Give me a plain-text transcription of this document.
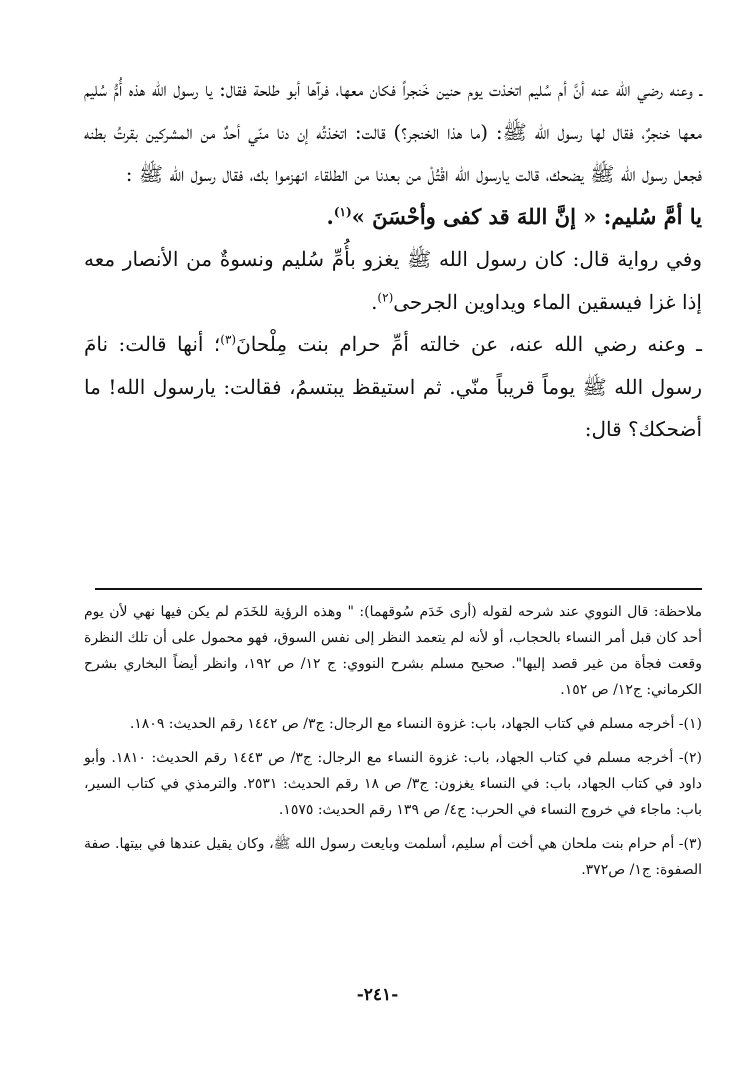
ـ وعنه رضي الله عنه أنَّ أم سُليم اتخذت يوم حنين خَنجراً فكان معها، فرآها أبو طلحة فقال: يا رسول الله هذه أُمُّ سُليم معها خنجرٌ، فقال لها رسول الله ﷺ: (ما هذا الخنجر؟) قالت: اتخذتُه إن دنا منّي أحدٌ من المشركين بقرتُ بطنه فجعل رسول الله ﷺ يضحك، قالت يارسول الله اقْتُلْ من بعدنا من الطلقاء انهزموا بك، فقال رسول الله ﷺ :

يا أمَّ سُليم: « إنَّ اللهَ قد كفى وأحْسَنَ »$^{(١)}$.

وفي رواية قال: كان رسول الله ﷺ يغزو بأُمِّ سُليم ونسوةٌ من الأنصار معه إذا غزا فيسقين الماء ويداوين الجرحى$^{(٢)}$.

ـ وعنه رضي الله عنه، عن خالته أمِّ حرام بنت مِلْحانَ$^{(٣)}$؛ أنها قالت: نامَ رسول الله ﷺ يوماً قريباً منّي. ثم استيقظ يبتسمُ، فقالت: يارسول الله! ما أضحكك؟ قال:

ملاحظة: قال النووي عند شرحه لقوله (أرى خَدَم سُوقهما): " وهذه الرؤية للخَدَم لم يكن فيها نهي لأن يوم أحد كان قبل أمر النساء بالحجاب، أو لأنه لم يتعمد النظر إلى نفس السوق، فهو محمول على أن تلك النظرة وقعت فجأة من غير قصد إليها". صحيح مسلم بشرح النووي: ج ١٢/ ص ١٩٢، وانظر أيضاً البخاري بشرح الكرماني: ج١٢/ ص ١٥٢.

(١)- أخرجه مسلم في كتاب الجهاد، باب: غزوة النساء مع الرجال: ج٣/ ص ١٤٤٢ رقم الحديث: ١٨٠٩.

(٢)- أخرجه مسلم في كتاب الجهاد، باب: غزوة النساء مع الرجال: ج٣/ ص ١٤٤٣ رقم الحديث: ١٨١٠. وأبو داود في كتاب الجهاد، باب: في النساء يغزون: ج٣/ ص ١٨ رقم الحديث: ٢٥٣١. والترمذي في كتاب السير، باب: ماجاء في خروج النساء في الحرب: ج٤/ ص ١٣٩ رقم الحديث: ١٥٧٥.

(٣)- أم حرام بنت ملحان هي أخت أم سليم، أسلمت وبايعت رسول الله ﷺ، وكان يقيل عندها في بيتها. صفة الصفوة: ج١/ ص٣٧٢.

-٢٤١-
